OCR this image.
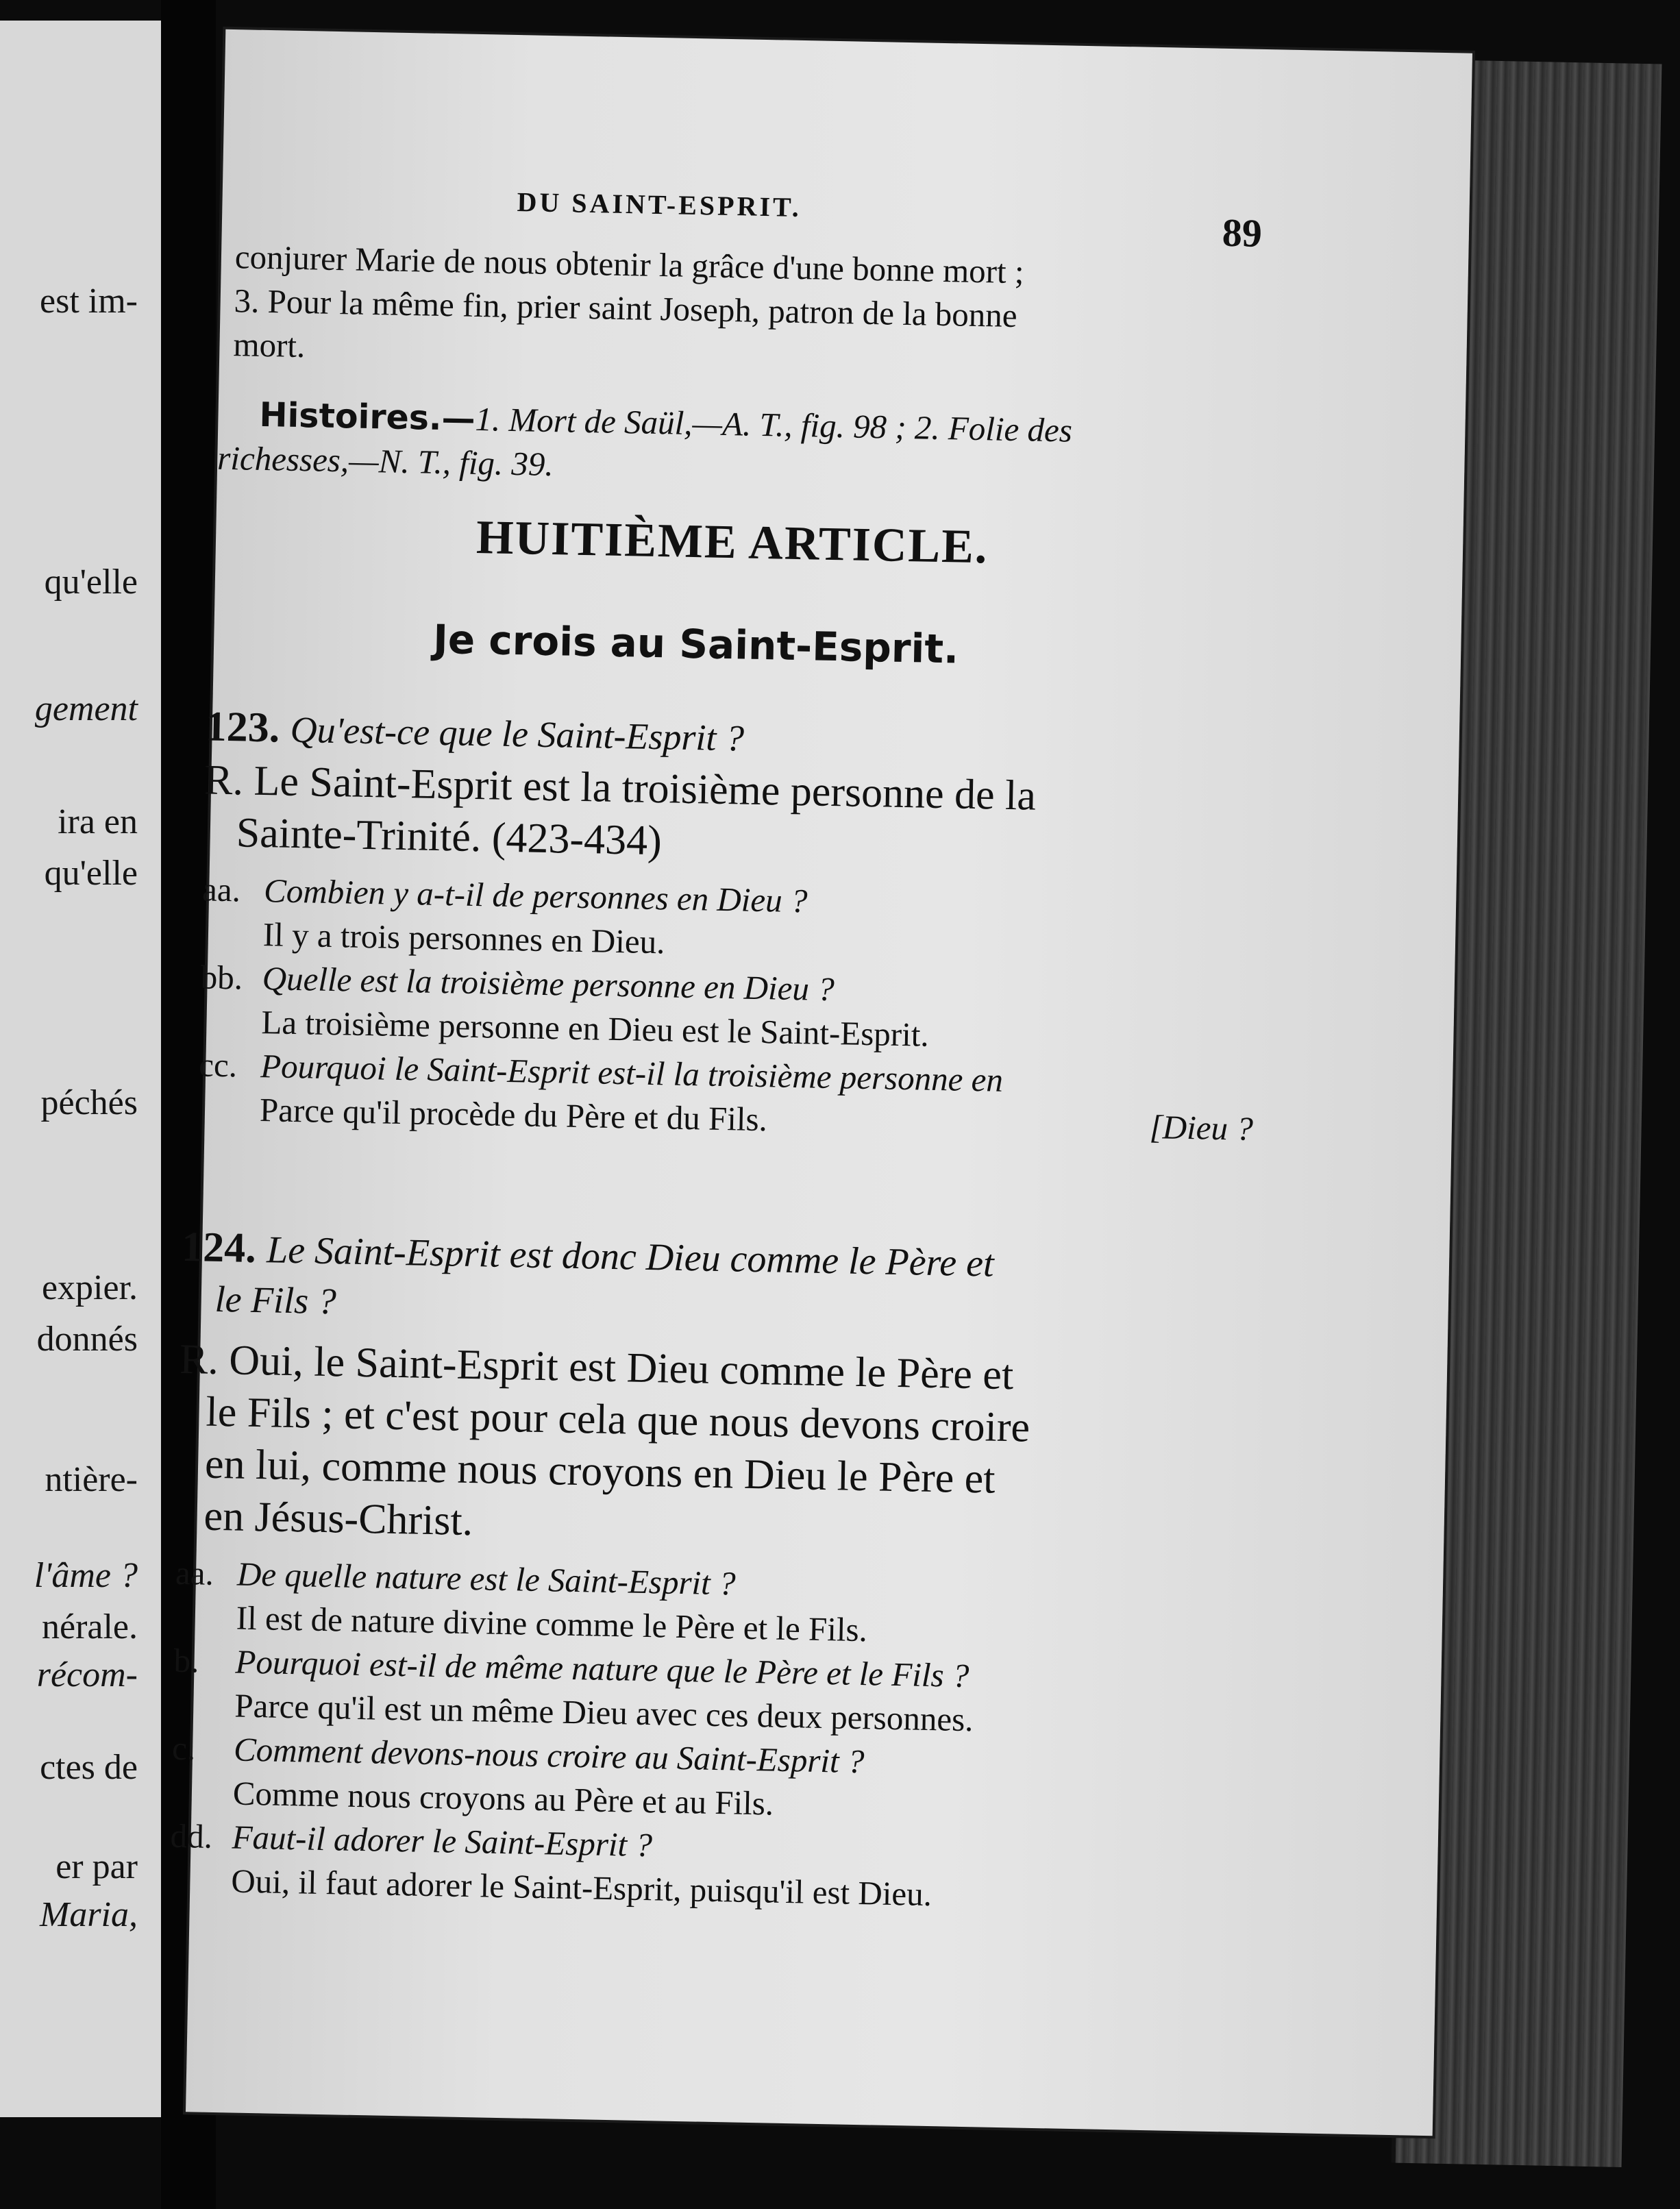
est im-
qu'elle
gement
ira en
qu'elle
péchés
expier.
donnés
ntière-
l'âme ?
nérale.
récom-
ctes de
er par
Maria,
DU SAINT-ESPRIT.
89
conjurer Marie de nous obtenir la grâce d'une bonne mort ;
3. Pour la même fin, prier saint Joseph, patron de la bonne
mort.
Histoires.—1. Mort de Saül,—A. T., fig. 98 ; 2. Folie des
richesses,—N. T., fig. 39.
HUITIÈME ARTICLE.
Je crois au Saint-Esprit.
123. Qu'est-ce que le Saint-Esprit ?
R. Le Saint-Esprit est la troisième personne de la
Sainte-Trinité. (423-434)
aa. Combien y a-t-il de personnes en Dieu ?
Il y a trois personnes en Dieu.
bb. Quelle est la troisième personne en Dieu ?
La troisième personne en Dieu est le Saint-Esprit.
cc. Pourquoi le Saint-Esprit est-il la troisième personne en
Parce qu'il procède du Père et du Fils.	[Dieu ?
124. Le Saint-Esprit est donc Dieu comme le Père et
le Fils ?
R. Oui, le Saint-Esprit est Dieu comme le Père et
le Fils ; et c'est pour cela que nous devons croire
en lui, comme nous croyons en Dieu le Père et
en Jésus-Christ.
aa. De quelle nature est le Saint-Esprit ?
Il est de nature divine comme le Père et le Fils.
b. Pourquoi est-il de même nature que le Père et le Fils ?
Parce qu'il est un même Dieu avec ces deux personnes.
c. Comment devons-nous croire au Saint-Esprit ?
Comme nous croyons au Père et au Fils.
dd. Faut-il adorer le Saint-Esprit ?
Oui, il faut adorer le Saint-Esprit, puisqu'il est Dieu.
